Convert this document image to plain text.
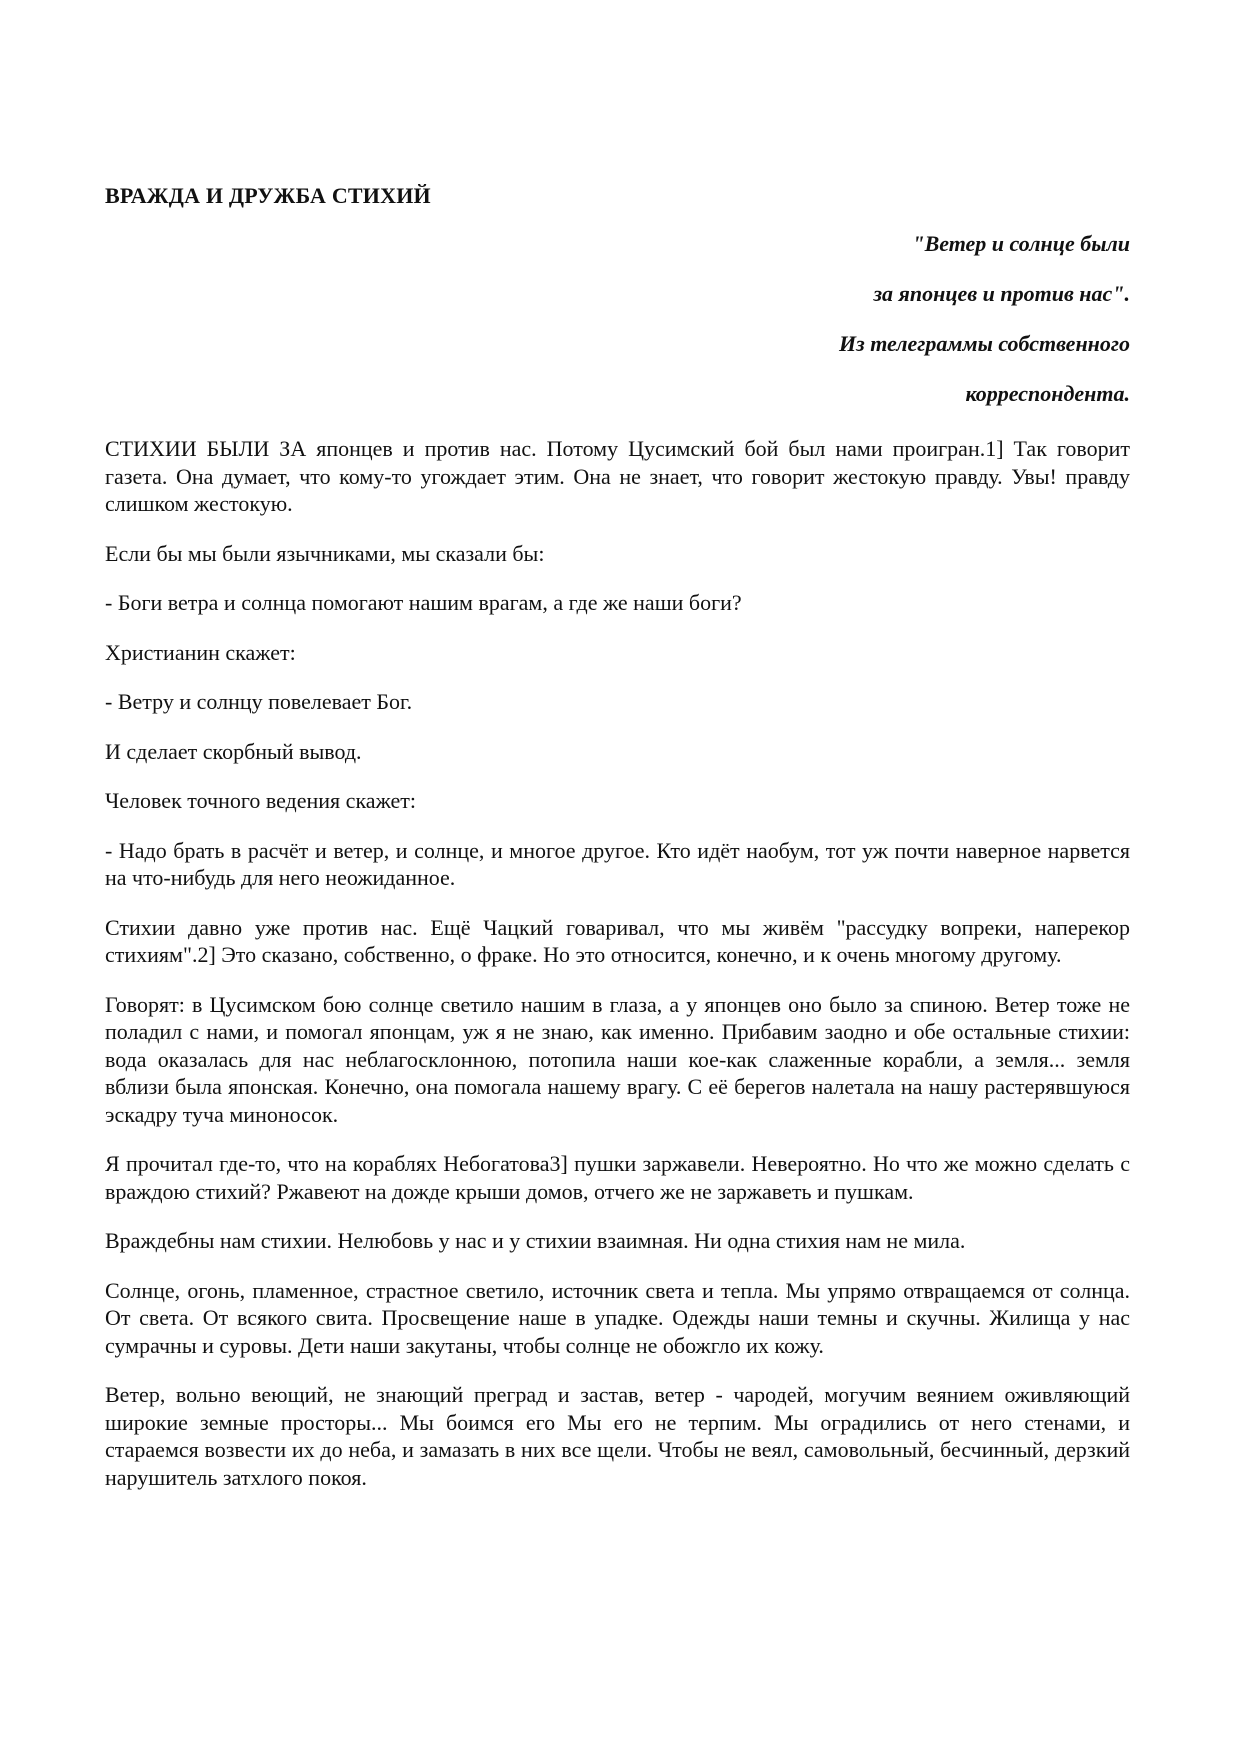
ВРАЖДА И ДРУЖБА СТИХИЙ
"Ветер и солнце были
за японцев и против нас".
Из телеграммы собственного
корреспондента.

СТИХИИ БЫЛИ ЗА японцев и против нас. Потому Цусимский бой был нами проигран.1] Так говорит газета. Она думает, что кому-то угождает этим. Она не знает, что говорит жестокую правду. Увы! правду слишком жестокую.

Если бы мы были язычниками, мы сказали бы:

- Боги ветра и солнца помогают нашим врагам, а где же наши боги?

Христианин скажет:

- Ветру и солнцу повелевает Бог.

И сделает скорбный вывод.

Человек точного ведения скажет:

- Надо брать в расчёт и ветер, и солнце, и многое другое. Кто идёт наобум, тот уж почти наверное нарвется на что-нибудь для него неожиданное.

Стихии давно уже против нас. Ещё Чацкий говаривал, что мы живём "рассудку вопреки, наперекор стихиям".2] Это сказано, собственно, о фраке. Но это относится, конечно, и к очень многому другому.

Говорят: в Цусимском бою солнце светило нашим в глаза, а у японцев оно было за спиною. Ветер тоже не поладил с нами, и помогал японцам, уж я не знаю, как именно. Прибавим заодно и обе остальные стихии: вода оказалась для нас неблагосклонною, потопила наши кое-как слаженные корабли, а земля... земля вблизи была японская. Конечно, она помогала нашему врагу. С её берегов налетала на нашу растерявшуюся эскадру туча миноносок.

Я прочитал где-то, что на кораблях Небогатова3] пушки заржавели. Невероятно. Но что же можно сделать с враждою стихий? Ржавеют на дожде крыши домов, отчего же не заржаветь и пушкам.

Враждебны нам стихии. Нелюбовь у нас и у стихии взаимная. Ни одна стихия нам не мила.

Солнце, огонь, пламенное, страстное светило, источник света и тепла. Мы упрямо отвращаемся от солнца. От света. От всякого свита. Просвещение наше в упадке. Одежды наши темны и скучны. Жилища у нас сумрачны и суровы. Дети наши закутаны, чтобы солнце не обожгло их кожу.

Ветер, вольно веющий, не знающий преград и застав, ветер - чародей, могучим веянием оживляющий широкие земные просторы... Мы боимся его Мы его не терпим. Мы оградились от него стенами, и стараемся возвести их до неба, и замазать в них все щели. Чтобы не веял, самовольный, бесчинный, дерзкий нарушитель затхлого покоя.
